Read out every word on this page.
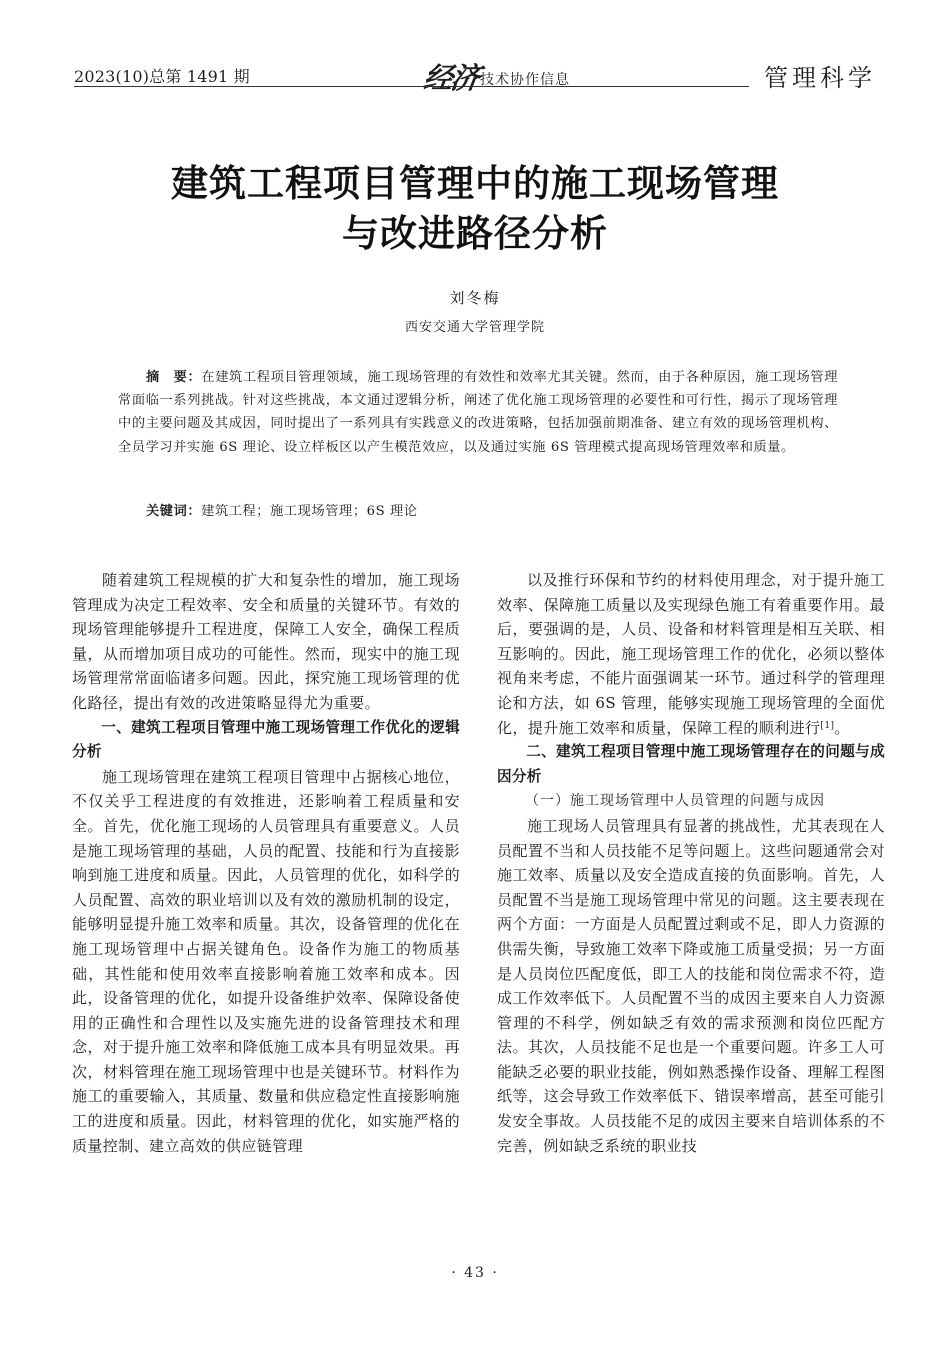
2023(10)总第 1491 期	经济技术协作信息	管理科学
建筑工程项目管理中的施工现场管理
与改进路径分析
刘冬梅
西安交通大学管理学院
摘　要：在建筑工程项目管理领域，施工现场管理的有效性和效率尤其关键。然而，由于各种原因，施工现场管理常面临一系列挑战。针对这些挑战，本文通过逻辑分析，阐述了优化施工现场管理的必要性和可行性，揭示了现场管理中的主要问题及其成因，同时提出了一系列具有实践意义的改进策略，包括加强前期准备、建立有效的现场管理机构、全员学习并实施 6S 理论、设立样板区以产生模范效应，以及通过实施 6S 管理模式提高现场管理效率和质量。
关键词：建筑工程；施工现场管理；6S 理论

随着建筑工程规模的扩大和复杂性的增加，施工现场管理成为决定工程效率、安全和质量的关键环节。有效的现场管理能够提升工程进度，保障工人安全，确保工程质量，从而增加项目成功的可能性。然而，现实中的施工现场管理常常面临诸多问题。因此，探究施工现场管理的优化路径，提出有效的改进策略显得尤为重要。

一、建筑工程项目管理中施工现场管理工作优化的逻辑分析

施工现场管理在建筑工程项目管理中占据核心地位，不仅关乎工程进度的有效推进，还影响着工程质量和安全。首先，优化施工现场的人员管理具有重要意义。人员是施工现场管理的基础，人员的配置、技能和行为直接影响到施工进度和质量。因此，人员管理的优化，如科学的人员配置、高效的职业培训以及有效的激励机制的设定，能够明显提升施工效率和质量。其次，设备管理的优化在施工现场管理中占据关键角色。设备作为施工的物质基础，其性能和使用效率直接影响着施工效率和成本。因此，设备管理的优化，如提升设备维护效率、保障设备使用的正确性和合理性以及实施先进的设备管理技术和理念，对于提升施工效率和降低施工成本具有明显效果。再次，材料管理在施工现场管理中也是关键环节。材料作为施工的重要输入，其质量、数量和供应稳定性直接影响施工的进度和质量。因此，材料管理的优化，如实施严格的质量控制、建立高效的供应链管理

以及推行环保和节约的材料使用理念，对于提升施工效率、保障施工质量以及实现绿色施工有着重要作用。最后，要强调的是，人员、设备和材料管理是相互关联、相互影响的。因此，施工现场管理工作的优化，必须以整体视角来考虑，不能片面强调某一环节。通过科学的管理理论和方法，如 6S 管理，能够实现施工现场管理的全面优化，提升施工效率和质量，保障工程的顺利进行[1]。

二、建筑工程项目管理中施工现场管理存在的问题与成因分析
（一）施工现场管理中人员管理的问题与成因

施工现场人员管理具有显著的挑战性，尤其表现在人员配置不当和人员技能不足等问题上。这些问题通常会对施工效率、质量以及安全造成直接的负面影响。首先，人员配置不当是施工现场管理中常见的问题。这主要表现在两个方面：一方面是人员配置过剩或不足，即人力资源的供需失衡，导致施工效率下降或施工质量受损；另一方面是人员岗位匹配度低，即工人的技能和岗位需求不符，造成工作效率低下。人员配置不当的成因主要来自人力资源管理的不科学，例如缺乏有效的需求预测和岗位匹配方法。其次，人员技能不足也是一个重要问题。许多工人可能缺乏必要的职业技能，例如熟悉操作设备、理解工程图纸等，这会导致工作效率低下、错误率增高，甚至可能引发安全事故。人员技能不足的成因主要来自培训体系的不完善，例如缺乏系统的职业技

· 43 ·
